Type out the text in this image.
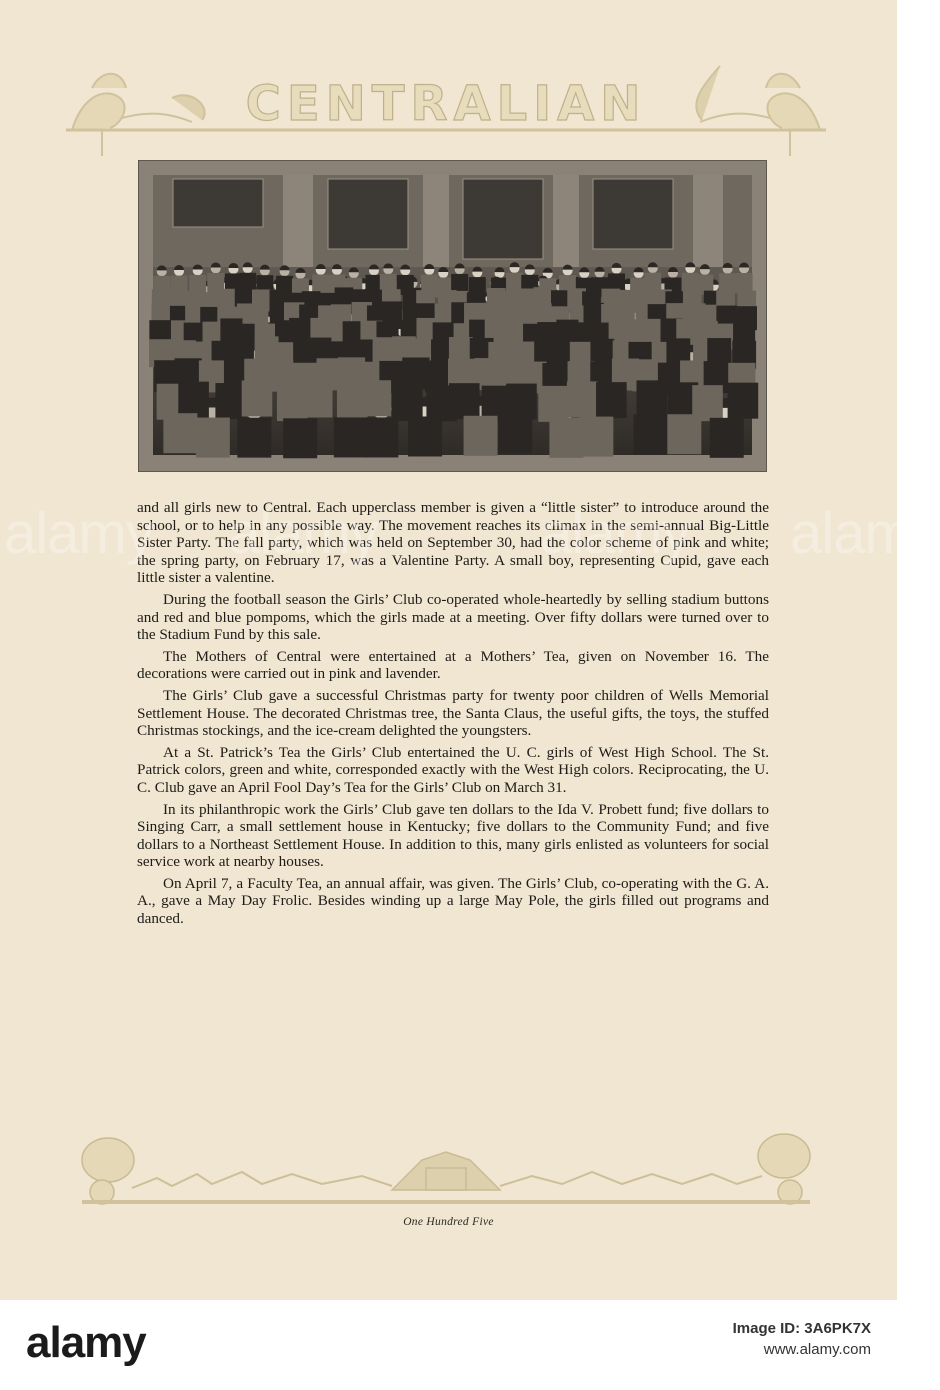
CENTRALIAN

and all girls new to Central. Each upperclass member is given a “little sister” to introduce around the school, or to help in any possible way. The movement reaches its climax in the semi-annual Big-Little Sister Party. The fall party, which was held on September 30, had the color scheme of pink and white; the spring party, on February 17, was a Valentine Party. A small boy, representing Cupid, gave each little sister a valentine.

During the football season the Girls’ Club co-operated whole-heartedly by selling stadium buttons and red and blue pompoms, which the girls made at a meeting. Over fifty dollars were turned over to the Stadium Fund by this sale.

The Mothers of Central were entertained at a Mothers’ Tea, given on November 16. The decorations were carried out in pink and lavender.

The Girls’ Club gave a successful Christmas party for twenty poor children of Wells Memorial Settlement House. The decorated Christmas tree, the Santa Claus, the useful gifts, the toys, the stuffed Christmas stockings, and the ice-cream delighted the youngsters.

At a St. Patrick’s Tea the Girls’ Club entertained the U. C. girls of West High School. The St. Patrick colors, green and white, corresponded exactly with the West High colors. Reciprocating, the U. C. Club gave an April Fool Day’s Tea for the Girls’ Club on March 31.

In its philanthropic work the Girls’ Club gave ten dollars to the Ida V. Probett fund; five dollars to Singing Carr, a small settlement house in Kentucky; five dollars to the Community Fund; and five dollars to a Northeast Settlement House. In addition to this, many girls enlisted as volunteers for social service work at nearby houses.

On April 7, a Faculty Tea, an annual affair, was given. The Girls’ Club, co-operating with the G. A. A., gave a May Day Frolic. Besides winding up a large May Pole, the girls filled out programs and danced.

One Hundred Five
alamy alamy	alamy alamy
alamy	Image ID: 3A6PK7X
www.alamy.com
